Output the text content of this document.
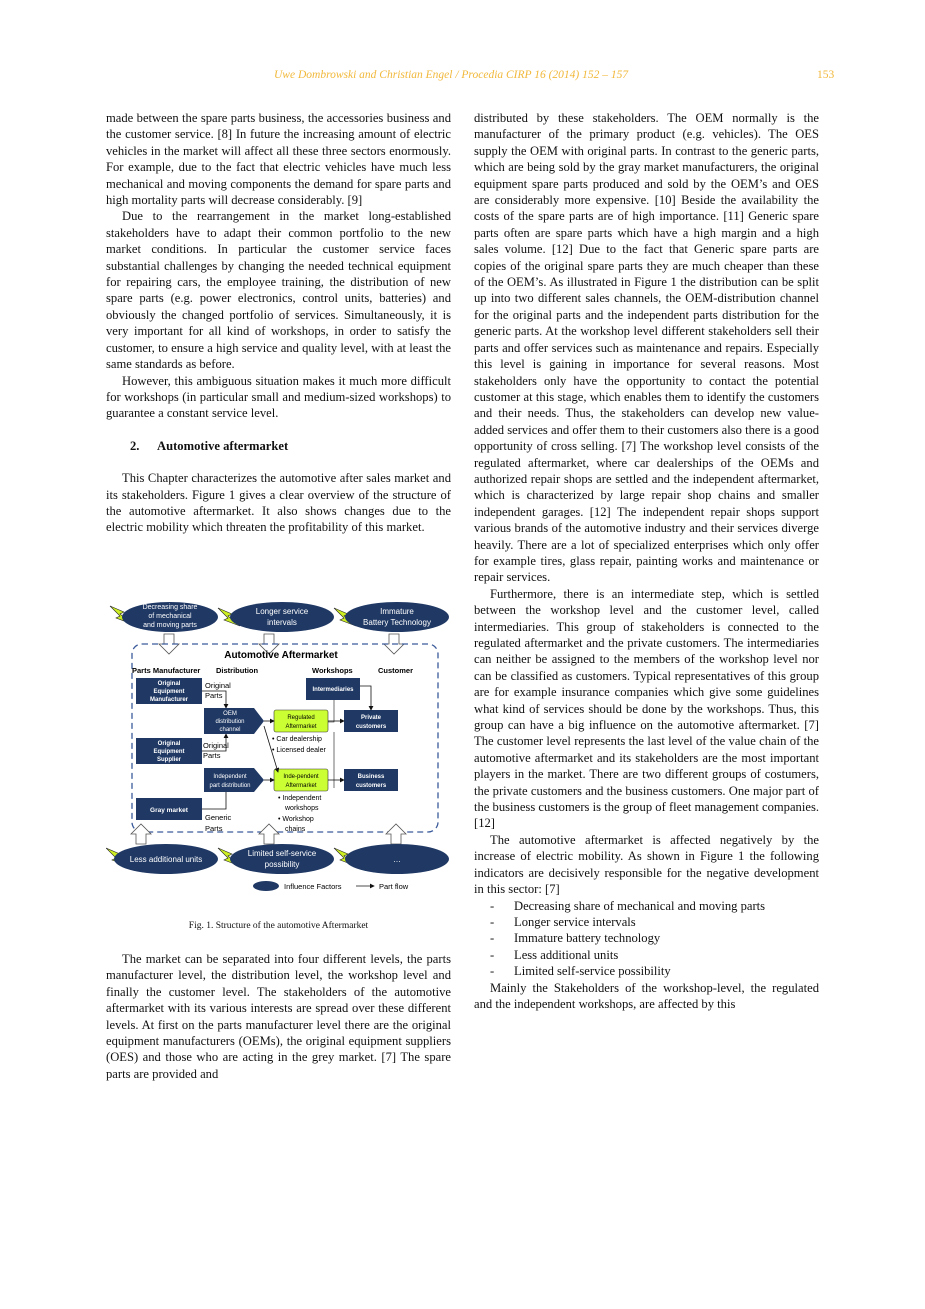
Uwe Dombrowski and Christian Engel / Procedia CIRP 16 (2014) 152 – 157	153

made between the spare parts business, the accessories business and the customer service. [8] In future the increasing amount of electric vehicles in the market will affect all these three sectors enormously. For example, due to the fact that electric vehicles have much less mechanical and moving components the demand for spare parts and high mortality parts will decrease considerably. [9]

Due to the rearrangement in the market long-established stakeholders have to adapt their common portfolio to the new market conditions. In particular the customer service faces substantial challenges by changing the needed technical equipment for repairing cars, the employee training, the distribution of new spare parts (e.g. power electronics, control units, batteries) and obviously the changed portfolio of services. Simultaneously, it is very important for all kind of workshops, in order to satisfy the customer, to ensure a high service and quality level, with at least the same standards as before.

However, this ambiguous situation makes it much more difficult for workshops (in particular small and medium-sized workshops) to guarantee a constant service level.

2. Automotive aftermarket

This Chapter characterizes the automotive after sales market and its stakeholders. Figure 1 gives a clear overview of the structure of the automotive aftermarket. It also shows changes due to the electric mobility which threaten the profitability of this market.

Decreasing share
of mechanical
and moving parts
Longer service
intervals
Immature
Battery Technology
Automotive Aftermarket
Parts Manufacturer Distribution	Workshops	Customer
Original
Equipment
Manufacturer
Original
Equipment
Supplier
Gray market
Original
Parts
Original
Parts
Generic
Parts
OEM
distribution
channel
Independent
part distribution
Regulated
Aftermarket
Inde-pendent
Aftermarket
Intermediaries
Private
customers
Business
customers
• Car dealership
• Licensed dealer
• Independent
workshops
• Workshop
chains
Less additional units
Limited self-service
possibility
…
Influence Factors	Part flow
Fig. 1. Structure of the automotive Aftermarket

The market can be separated into four different levels, the parts manufacturer level, the distribution level, the workshop level and finally the customer level. The stakeholders of the automotive aftermarket with its various interests are spread over these different levels. At first on the parts manufacturer level there are the original equipment manufacturers (OEMs), the original equipment suppliers (OES) and those who are acting in the grey market. [7] The spare parts are provided and

distributed by these stakeholders. The OEM normally is the manufacturer of the primary product (e.g. vehicles). The OES supply the OEM with original parts. In contrast to the generic parts, which are being sold by the gray market manufacturers, the original equipment spare parts produced and sold by the OEM’s and OES are considerably more expensive. [10] Beside the availability the costs of the spare parts are of high importance. [11] Generic spare parts often are spare parts which have a high margin and a high sales volume. [12] Due to the fact that Generic spare parts are copies of the original spare parts they are much cheaper than these of the OEM’s. As illustrated in Figure 1 the distribution can be split up into two different sales channels, the OEM-distribution channel for the original parts and the independent parts distribution for the generic parts. At the workshop level different stakeholders sell their parts and offer services such as maintenance and repairs. Especially this level is gaining in importance for several reasons. Most stakeholders only have the opportunity to contact the potential customer at this stage, which enables them to identify the customers and their needs. Thus, the stakeholders can develop new value-added services and offer them to their customers also there is a good opportunity of cross selling. [7] The workshop level consists of the regulated aftermarket, where car dealerships of the OEMs and authorized repair shops are settled and the independent aftermarket, which is characterized by large repair shop chains and smaller independent garages. [12] The independent repair shops support various brands of the automotive industry and their services diverge heavily. There are a lot of specialized enterprises which only offer for example tires, glass repair, painting works and maintenance or repair services.

Furthermore, there is an intermediate step, which is settled between the workshop level and the customer level, called intermediaries. This group of stakeholders is connected to the regulated aftermarket and the private customers. The intermediaries can neither be assigned to the members of the workshop level nor can be classified as customers. Typical representatives of this group are for example insurance companies which give some guidelines what kind of services should be done by the workshops. Thus, this group can have a big influence on the automotive aftermarket. [7] The customer level represents the last level of the value chain of the automotive aftermarket and its stakeholders are the most important players in the market. There are two different groups of costumers, the private customers and the business customers. One major part of the business customers is the group of fleet management companies. [12]

The automotive aftermarket is affected negatively by the increase of electric mobility. As shown in Figure 1 the following indicators are decisively responsible for the negative development in this sector: [7]

- Decreasing share of mechanical and moving parts
- Longer service intervals
- Immature battery technology
- Less additional units
- Limited self-service possibility

Mainly the Stakeholders of the workshop-level, the regulated and the independent workshops, are affected by this
